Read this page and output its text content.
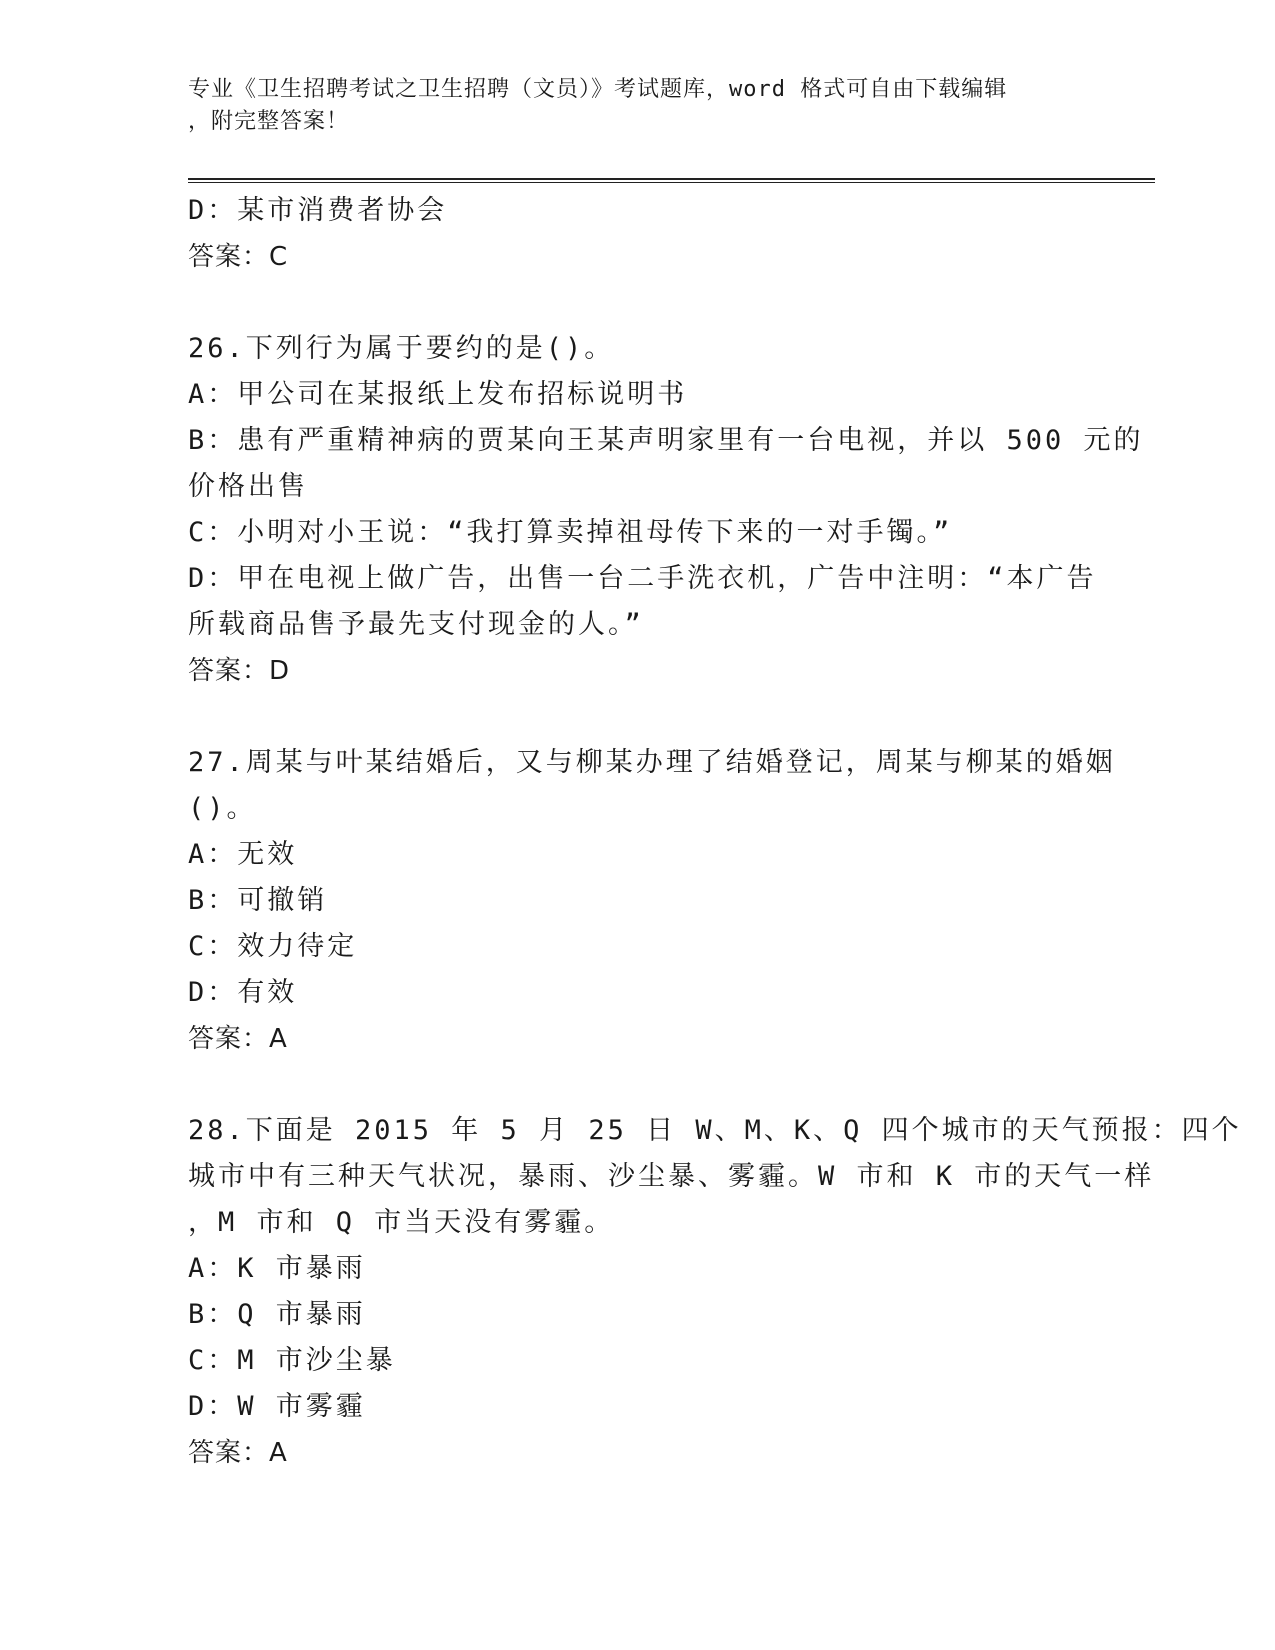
专业《卫生招聘考试之卫生招聘（文员）》考试题库，word 格式可自由下载编辑
，附完整答案！
D：某市消费者协会
答案：C
26.下列行为属于要约的是()。
A：甲公司在某报纸上发布招标说明书
B：患有严重精神病的贾某向王某声明家里有一台电视，并以 500 元的
价格出售
C：小明对小王说：“我打算卖掉祖母传下来的一对手镯。”
D：甲在电视上做广告，出售一台二手洗衣机，广告中注明：“本广告
所载商品售予最先支付现金的人。”
答案：D
27.周某与叶某结婚后，又与柳某办理了结婚登记，周某与柳某的婚姻
()。
A：无效
B：可撤销
C：效力待定
D：有效
答案：A
28.下面是 2015 年 5 月 25 日 W、M、K、Q 四个城市的天气预报：四个
城市中有三种天气状况，暴雨、沙尘暴、雾霾。W 市和 K 市的天气一样
，M 市和 Q 市当天没有雾霾。
A：K 市暴雨
B：Q 市暴雨
C：M 市沙尘暴
D：W 市雾霾
答案：A
